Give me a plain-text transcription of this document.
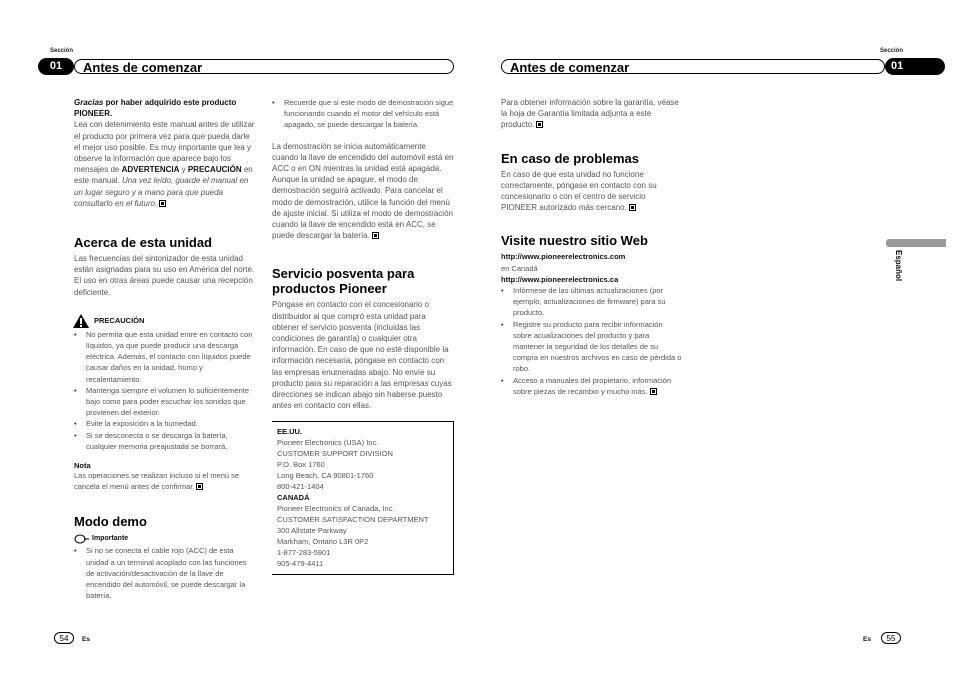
Sección
01	Antes de comenzar
Gracias por haber adquirido este producto
PIONEER.
Lea con detenimiento este manual antes de utilizar el producto por primera vez para que pueda darle el mejor uso posible. Es muy importante que lea y observe la información que aparece bajo los mensajes de ADVERTENCIA y PRECAUCIÓN en este manual. Una vez leído, guarde el manual en un lugar seguro y a mano para que pueda consultarlo en el futuro.
Acerca de esta unidad
Las frecuencias del sintonizador de esta unidad están asignadas para su uso en América del norte. El uso en otras áreas puede causar una recepción deficiente.
PRECAUCIÓN
• No permita que esta unidad entre en contacto con líquidos, ya que puede producir una descarga eléctrica. Además, el contacto con líquidos puede causar daños en la unidad, humo y recalentamiento.
• Mantenga siempre el volumen lo suficientemente bajo como para poder escuchar los sonidos que provienen del exterior.
• Evite la exposición a la humedad.
• Si se desconecta o se descarga la batería, cualquier memoria preajustada se borrará.
Nota
Las operaciones se realizan incluso si el menú se cancela el menú antes de confirmar.
Modo demo
Importante
• Si no se conecta el cable rojo (ACC) de esta unidad a un terminal acoplado con las funciones de activación/desactivación de la llave de encendido del automóvil, se puede descargar la batería.
• Recuerde que si este modo de demostración sigue funcionando cuando el motor del vehículo está apagado, se puede descargar la batería.
La demostración se inicia automáticamente cuando la llave de encendido del automóvil está en ACC o en ON mientras la unidad está apagada. Aunque la unidad se apague, el modo de demostración seguirá activado. Para cancelar el modo de demostración, utilice la función del menú de ajuste inicial. Si utiliza el modo de demostración cuando la llave de encendido está en ACC, se puede descargar la batería.
Servicio posventa para productos Pioneer
Póngase en contacto con el concesionario o distribuidor al que compró esta unidad para obtener el servicio posventa (incluidas las condiciones de garantía) o cualquier otra información. En caso de que no esté disponible la información necesaria, póngase en contacto con las empresas enumeradas abajo. No envíe su producto para su reparación a las empresas cuyas direcciones se indican abajo sin haberse puesto antes en contacto con ellas.
EE.UU.
Pioneer Electronics (USA) Inc.
CUSTOMER SUPPORT DIVISION
P.O. Box 1760
Long Beach, CA 90801-1760
800-421-1404
CANADÁ
Pioneer Electronics of Canada, Inc.
CUSTOMER SATISFACTION DEPARTMENT
300 Allstate Parkway
Markham, Ontario L3R 0P2
1-877-283-5901
905-479-4411
54	Es
Sección
Antes de comenzar	01
Para obtener información sobre la garantía, véase la hoja de Garantía limitada adjunta a este producto.
En caso de problemas
En caso de que esta unidad no funcione correctamente, póngase en contacto con su concesionario o con el centro de servicio PIONEER autorizado más cercano.
Visite nuestro sitio Web
http://www.pioneerelectronics.com
en Canadá
http://www.pioneerelectronics.ca
• Infórmese de las últimas actualizaciones (por ejemplo, actualizaciones de firmware) para su producto.
• Registre su producto para recibir información sobre acualizaciones del producto y para mantener la seguridad de los detalles de su compra en nuestros archivos en caso de pérdida o robo.
• Acceso a manuales del propietario, información sobre piezas de recambio y mucho más.
Español
Es	55
